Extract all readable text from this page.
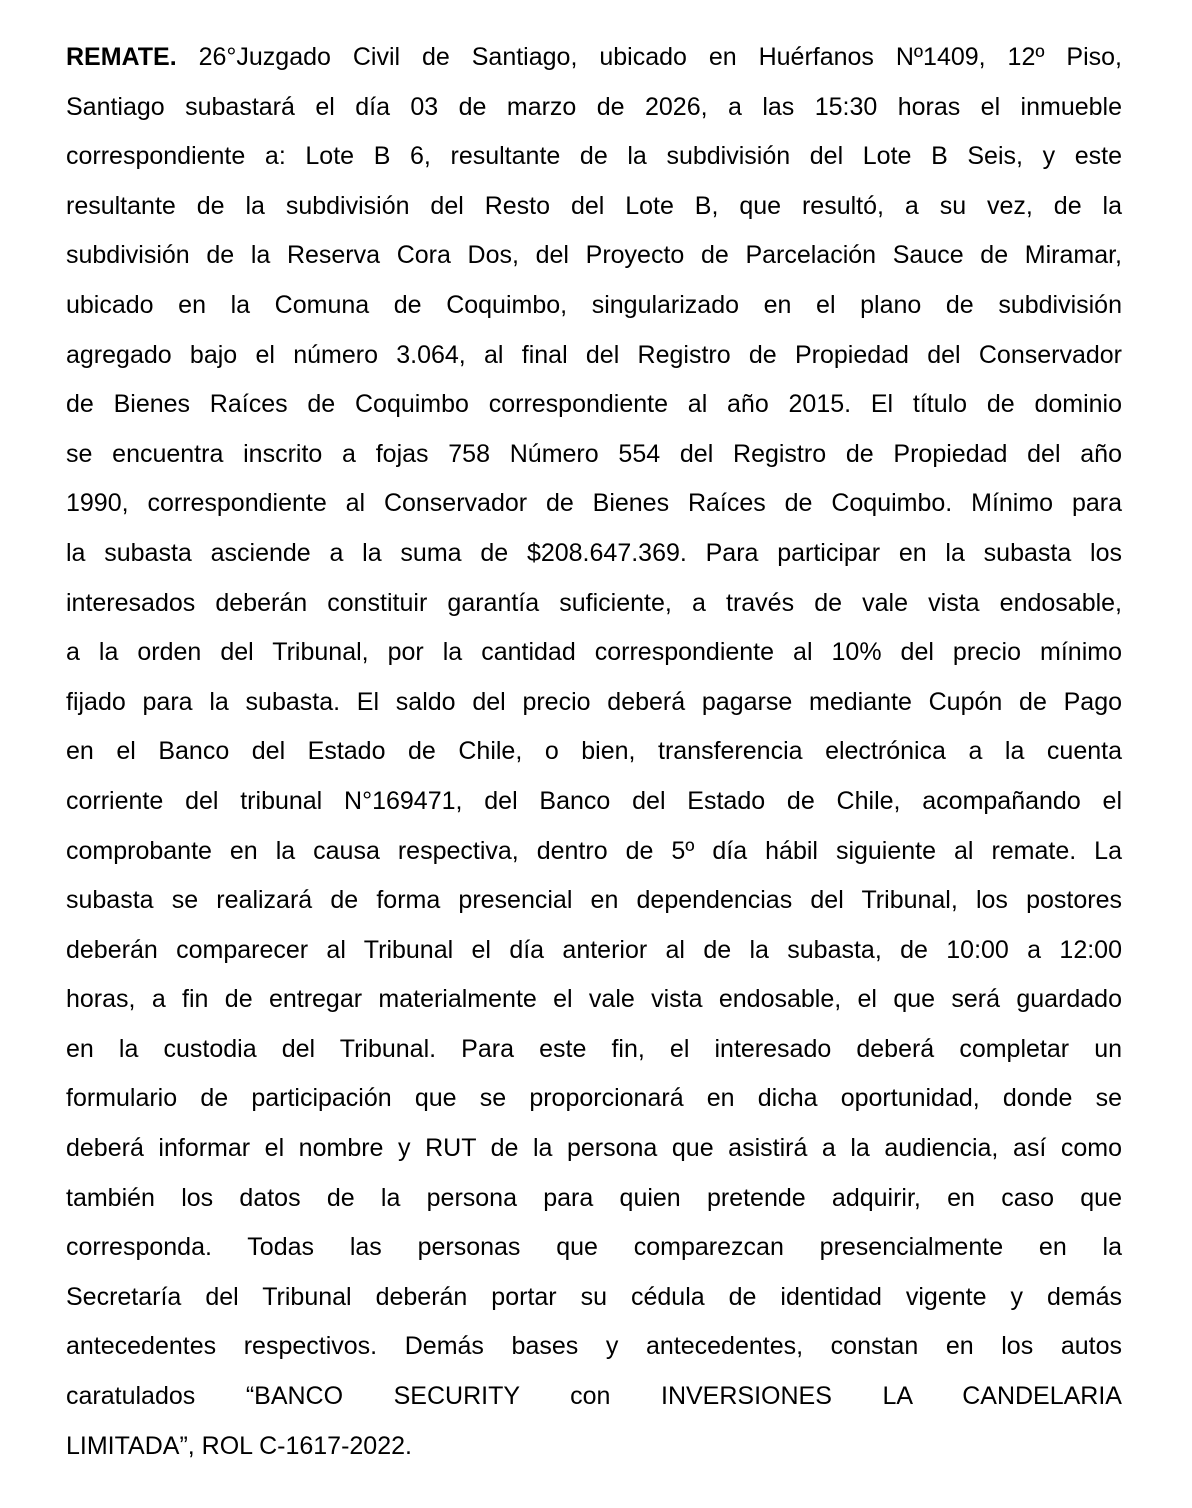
REMATE. 26°Juzgado Civil de Santiago, ubicado en Huérfanos Nº1409, 12º Piso,
Santiago subastará el día 03 de marzo de 2026, a las 15:30 horas el inmueble
correspondiente a: Lote B 6, resultante de la subdivisión del Lote B Seis, y este
resultante de la subdivisión del Resto del Lote B, que resultó, a su vez, de la
subdivisión de la Reserva Cora Dos, del Proyecto de Parcelación Sauce de Miramar,
ubicado en la Comuna de Coquimbo, singularizado en el plano de subdivisión
agregado bajo el número 3.064, al final del Registro de Propiedad del Conservador
de Bienes Raíces de Coquimbo correspondiente al año 2015. El título de dominio
se encuentra inscrito a fojas 758 Número 554 del Registro de Propiedad del año
1990, correspondiente al Conservador de Bienes Raíces de Coquimbo. Mínimo para
la subasta asciende a la suma de $208.647.369. Para participar en la subasta los
interesados deberán constituir garantía suficiente, a través de vale vista endosable,
a la orden del Tribunal, por la cantidad correspondiente al 10% del precio mínimo
fijado para la subasta. El saldo del precio deberá pagarse mediante Cupón de Pago
en el Banco del Estado de Chile, o bien, transferencia electrónica a la cuenta
corriente del tribunal N°169471, del Banco del Estado de Chile, acompañando el
comprobante en la causa respectiva, dentro de 5º día hábil siguiente al remate. La
subasta se realizará de forma presencial en dependencias del Tribunal, los postores
deberán comparecer al Tribunal el día anterior al de la subasta, de 10:00 a 12:00
horas, a fin de entregar materialmente el vale vista endosable, el que será guardado
en la custodia del Tribunal. Para este fin, el interesado deberá completar un
formulario de participación que se proporcionará en dicha oportunidad, donde se
deberá informar el nombre y RUT de la persona que asistirá a la audiencia, así como
también los datos de la persona para quien pretende adquirir, en caso que
corresponda. Todas las personas que comparezcan presencialmente en la
Secretaría del Tribunal deberán portar su cédula de identidad vigente y demás
antecedentes respectivos. Demás bases y antecedentes, constan en los autos
caratulados “BANCO SECURITY con INVERSIONES LA CANDELARIA
LIMITADA”, ROL C-1617-2022.
